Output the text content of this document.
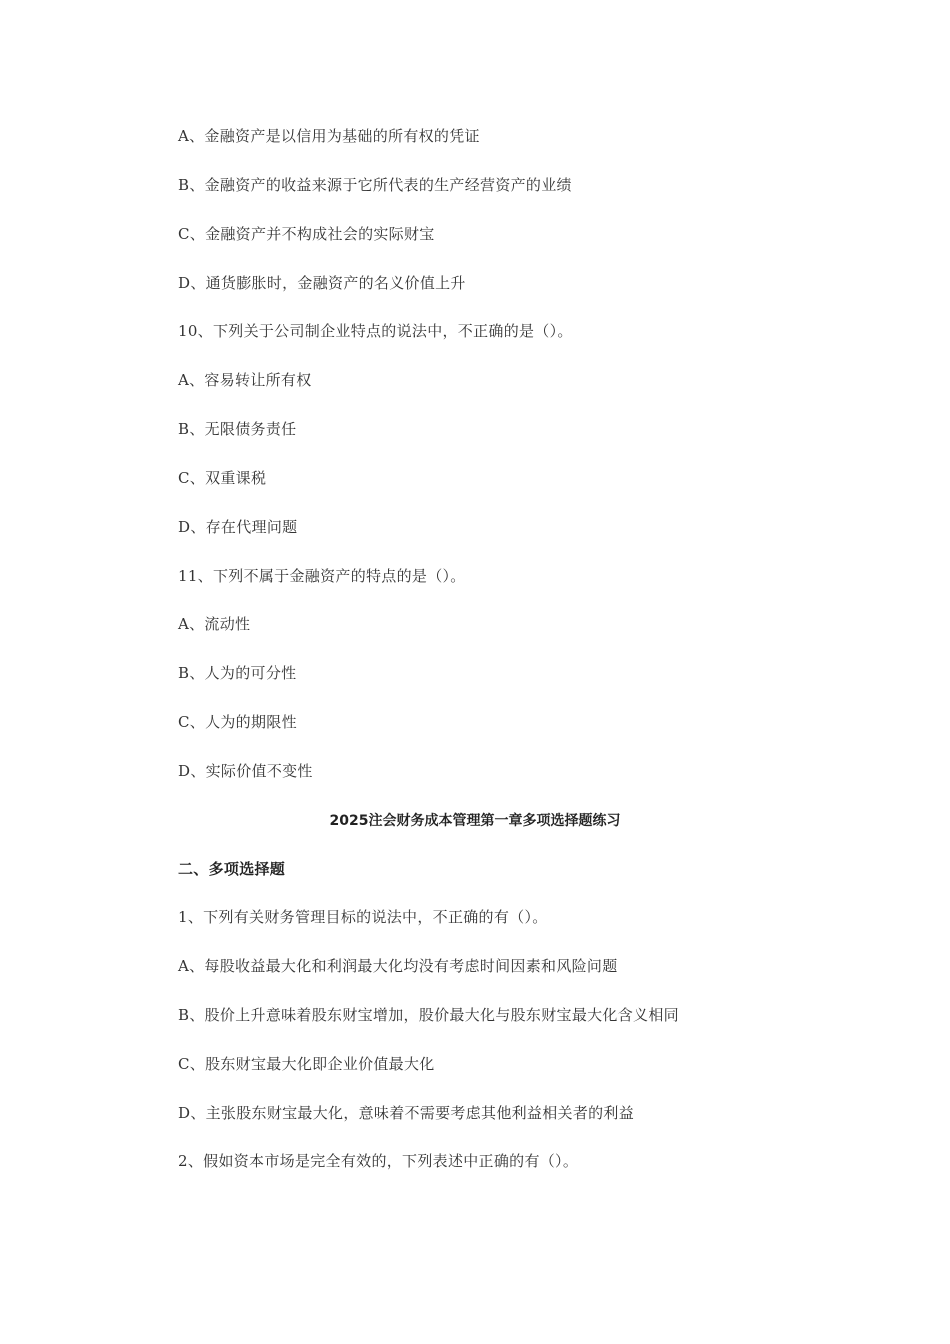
A、金融资产是以信用为基础的所有权的凭证
B、金融资产的收益来源于它所代表的生产经营资产的业绩
C、金融资产并不构成社会的实际财宝
D、通货膨胀时，金融资产的名义价值上升
10、下列关于公司制企业特点的说法中，不正确的是（）。
A、容易转让所有权
B、无限债务责任
C、双重课税
D、存在代理问题
11、下列不属于金融资产的特点的是（）。
A、流动性
B、人为的可分性
C、人为的期限性
D、实际价值不变性
2025注会财务成本管理第一章多项选择题练习
二、多项选择题
1、下列有关财务管理目标的说法中，不正确的有（）。
A、每股收益最大化和利润最大化均没有考虑时间因素和风险问题
B、股价上升意味着股东财宝增加，股价最大化与股东财宝最大化含义相同
C、股东财宝最大化即企业价值最大化
D、主张股东财宝最大化，意味着不需要考虑其他利益相关者的利益
2、假如资本市场是完全有效的，下列表述中正确的有（）。
